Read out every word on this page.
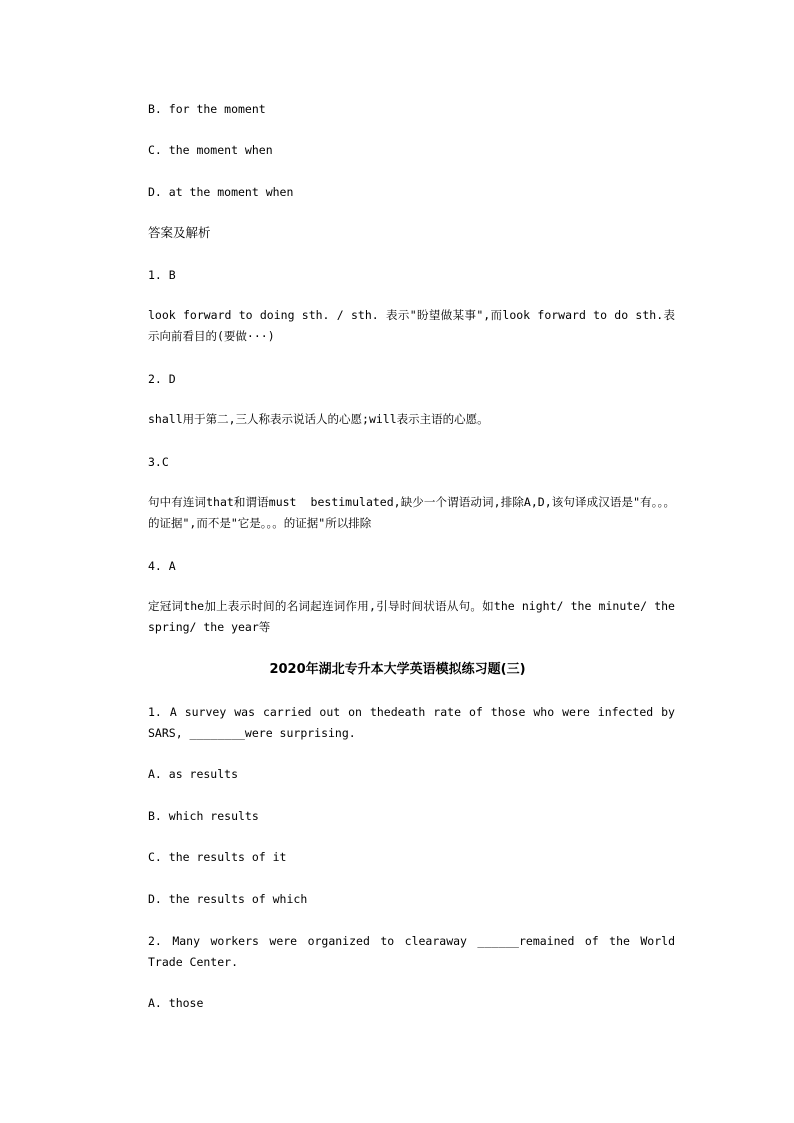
B. for the moment
C. the moment when
D. at the moment when
答案及解析
1. B
look forward to doing sth. / sth. 表示"盼望做某事",而look forward to do sth.表示向前看目的(要做···)
2. D
shall用于第二,三人称表示说话人的心愿;will表示主语的心愿。
3.C
句中有连词that和谓语must  bestimulated,缺少一个谓语动词,排除A,D,该句译成汉语是"有。。。的证据",而不是"它是。。。的证据"所以排除
4. A
定冠词the加上表示时间的名词起连词作用,引导时间状语从句。如the night/ the minute/ the spring/ the year等
2020年湖北专升本大学英语模拟练习题(三)
1. A survey was carried out on thedeath rate of those who were infected by SARS, ________were surprising.
A. as results
B. which results
C. the results of it
D. the results of which
2. Many workers were organized to clearaway ______remained of the World Trade Center.
A. those
